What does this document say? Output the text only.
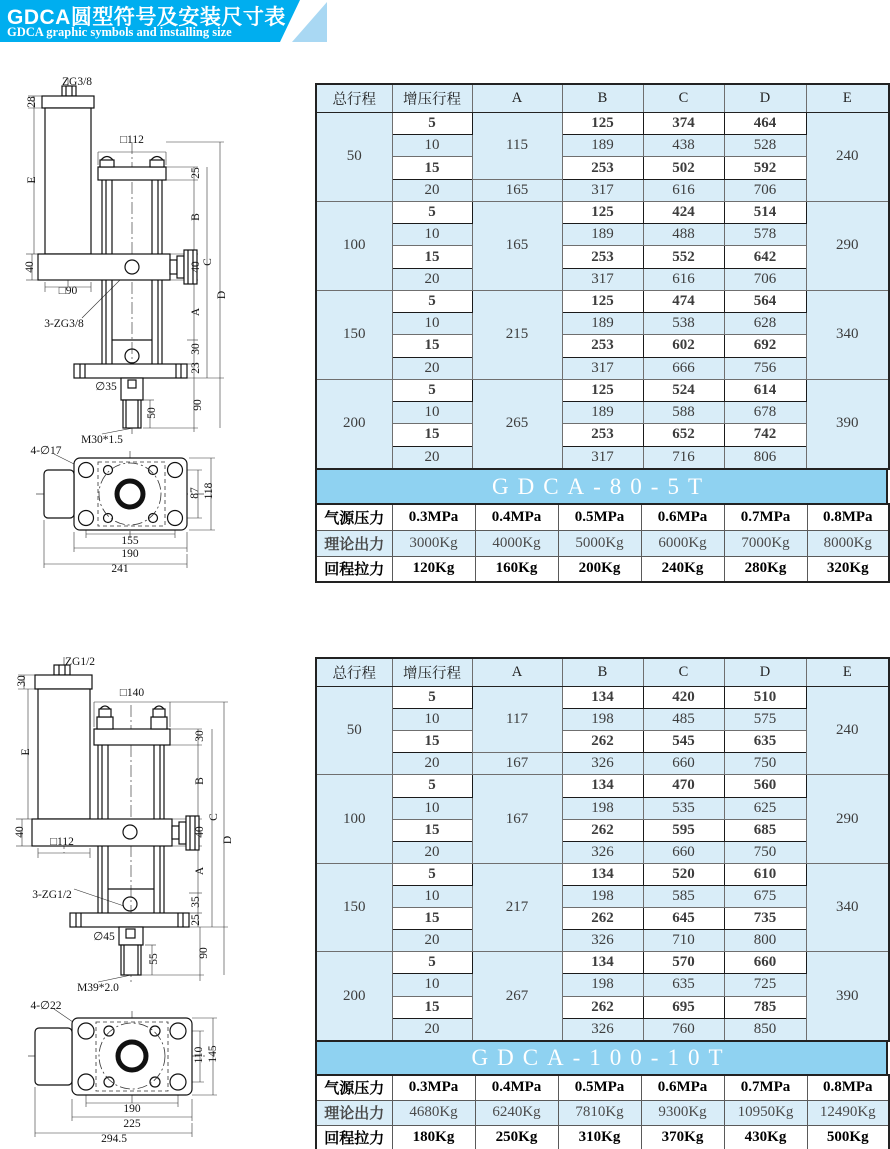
GDCA圆型符号及安装尺寸表
GDCA graphic symbols and installing size
ZG3/8
28
□112
E
25
B
40
□90
40 C
D
3-ZG3/8
A
30
23
90
∅35
50
M30*1.5
4-∅17
87 118
155
190
241
ZG1/2
30
□140
E
30
B
40
□112
40
C
D
3-ZG1/2
A
35
25
90
∅45
55
M39*2.0
4-∅22
110 145
190
225
294.5
总行程	增压行程	A	B	C	D	E
50	5	115	125	374	464	240
	10		189	438	528	
	15		253	502	592	
	20	165	317	616	706	
100	5	165	125	424	514	290
	10		189	488	578	
	15		253	552	642	
	20		317	616	706	
150	5	215	125	474	564	340
	10		189	538	628	
	15		253	602	692	
	20		317	666	756	
200	5	265	125	524	614	390
	10		189	588	678	
	15		253	652	742	
	20		317	716	806	
GDCA-80-5T
气源压力	0.3MPa	0.4MPa	0.5MPa	0.6MPa	0.7MPa	0.8MPa
理论出力	3000Kg	4000Kg	5000Kg	6000Kg	7000Kg	8000Kg
回程拉力	120Kg	160Kg	200Kg	240Kg	280Kg	320Kg
总行程	增压行程	A	B	C	D	E
50	5	117	134	420	510	240
	10		198	485	575	
	15		262	545	635	
	20	167	326	660	750	
100	5	167	134	470	560	290
	10		198	535	625	
	15		262	595	685	
	20		326	660	750	
150	5	217	134	520	610	340
	10		198	585	675	
	15		262	645	735	
	20		326	710	800	
200	5	267	134	570	660	390
	10		198	635	725	
	15		262	695	785	
	20		326	760	850	
GDCA-100-10T
气源压力	0.3MPa	0.4MPa	0.5MPa	0.6MPa	0.7MPa	0.8MPa
理论出力	4680Kg	6240Kg	7810Kg	9300Kg	10950Kg	12490Kg
回程拉力	180Kg	250Kg	310Kg	370Kg	430Kg	500Kg
